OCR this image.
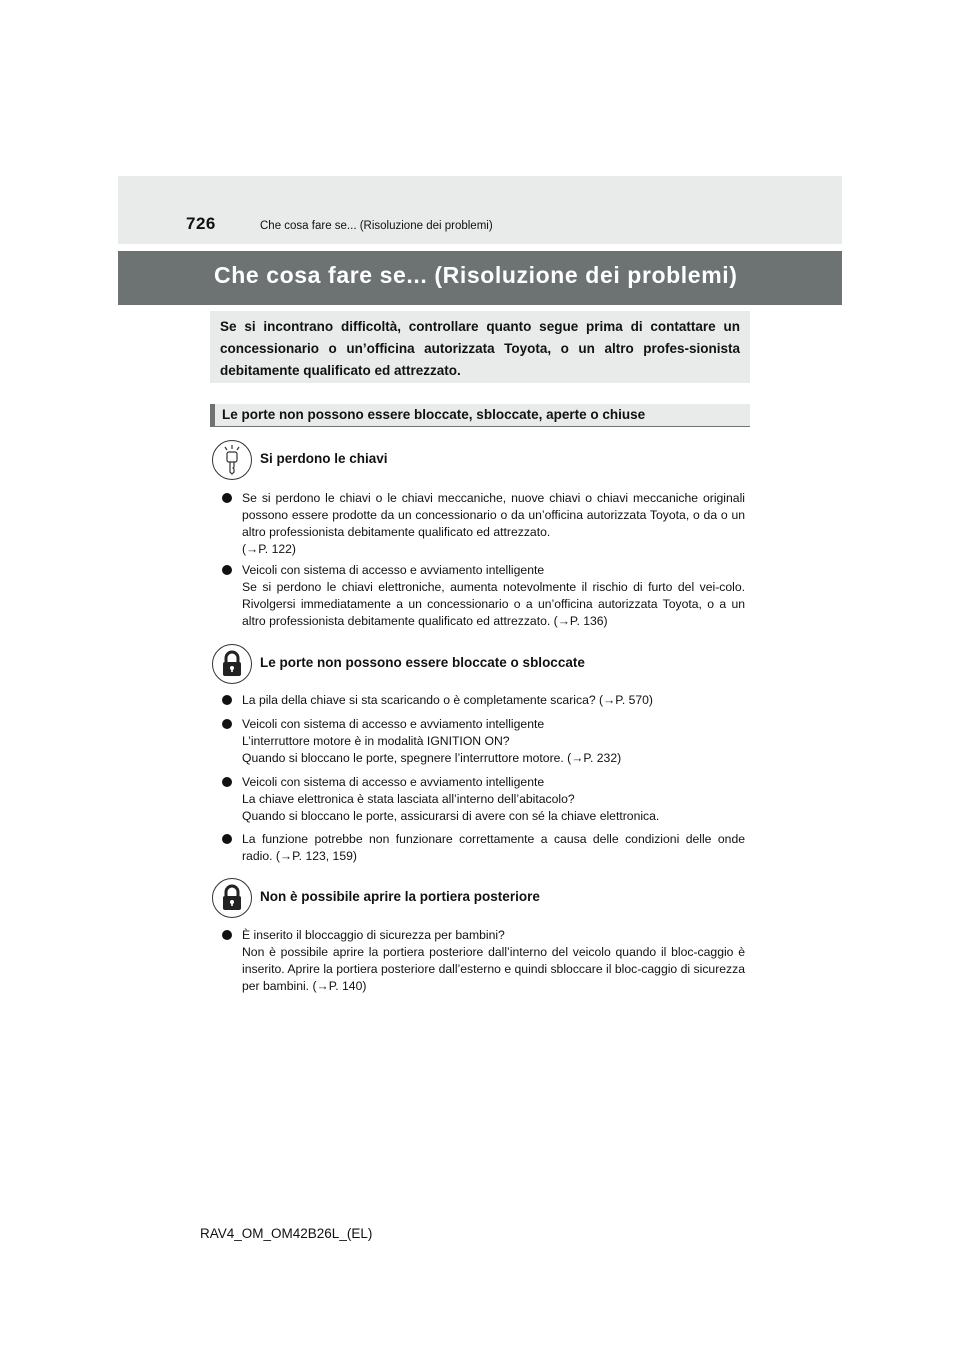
726	Che cosa fare se... (Risoluzione dei problemi)
Che cosa fare se... (Risoluzione dei problemi)
Se si incontrano difficoltà, controllare quanto segue prima di contattare un concessionario o un’officina autorizzata Toyota, o un altro profes-sionista debitamente qualificato ed attrezzato.
Le porte non possono essere bloccate, sbloccate, aperte o chiuse
Si perdono le chiavi

Se si perdono le chiavi o le chiavi meccaniche, nuove chiavi o chiavi meccaniche originali possono essere prodotte da un concessionario o da un’officina autorizzata Toyota, o da o un altro professionista debitamente qualificato ed attrezzato.

(→P. 122)

Veicoli con sistema di accesso e avviamento intelligente

Se si perdono le chiavi elettroniche, aumenta notevolmente il rischio di furto del vei-colo. Rivolgersi immediatamente a un concessionario o a un’officina autorizzata Toyota, o a un altro professionista debitamente qualificato ed attrezzato. (→P. 136)

Le porte non possono essere bloccate o sbloccate

La pila della chiave si sta scaricando o è completamente scarica? (→P. 570)

Veicoli con sistema di accesso e avviamento intelligente

L’interruttore motore è in modalità IGNITION ON?

Quando si bloccano le porte, spegnere l’interruttore motore. (→P. 232)

Veicoli con sistema di accesso e avviamento intelligente

La chiave elettronica è stata lasciata all’interno dell’abitacolo?

Quando si bloccano le porte, assicurarsi di avere con sé la chiave elettronica.

La funzione potrebbe non funzionare correttamente a causa delle condizioni delle onde radio. (→P. 123, 159)

Non è possibile aprire la portiera posteriore

È inserito il bloccaggio di sicurezza per bambini?

Non è possibile aprire la portiera posteriore dall’interno del veicolo quando il bloc-caggio è inserito. Aprire la portiera posteriore dall’esterno e quindi sbloccare il bloc-caggio di sicurezza per bambini. (→P. 140)

RAV4_OM_OM42B26L_(EL)
